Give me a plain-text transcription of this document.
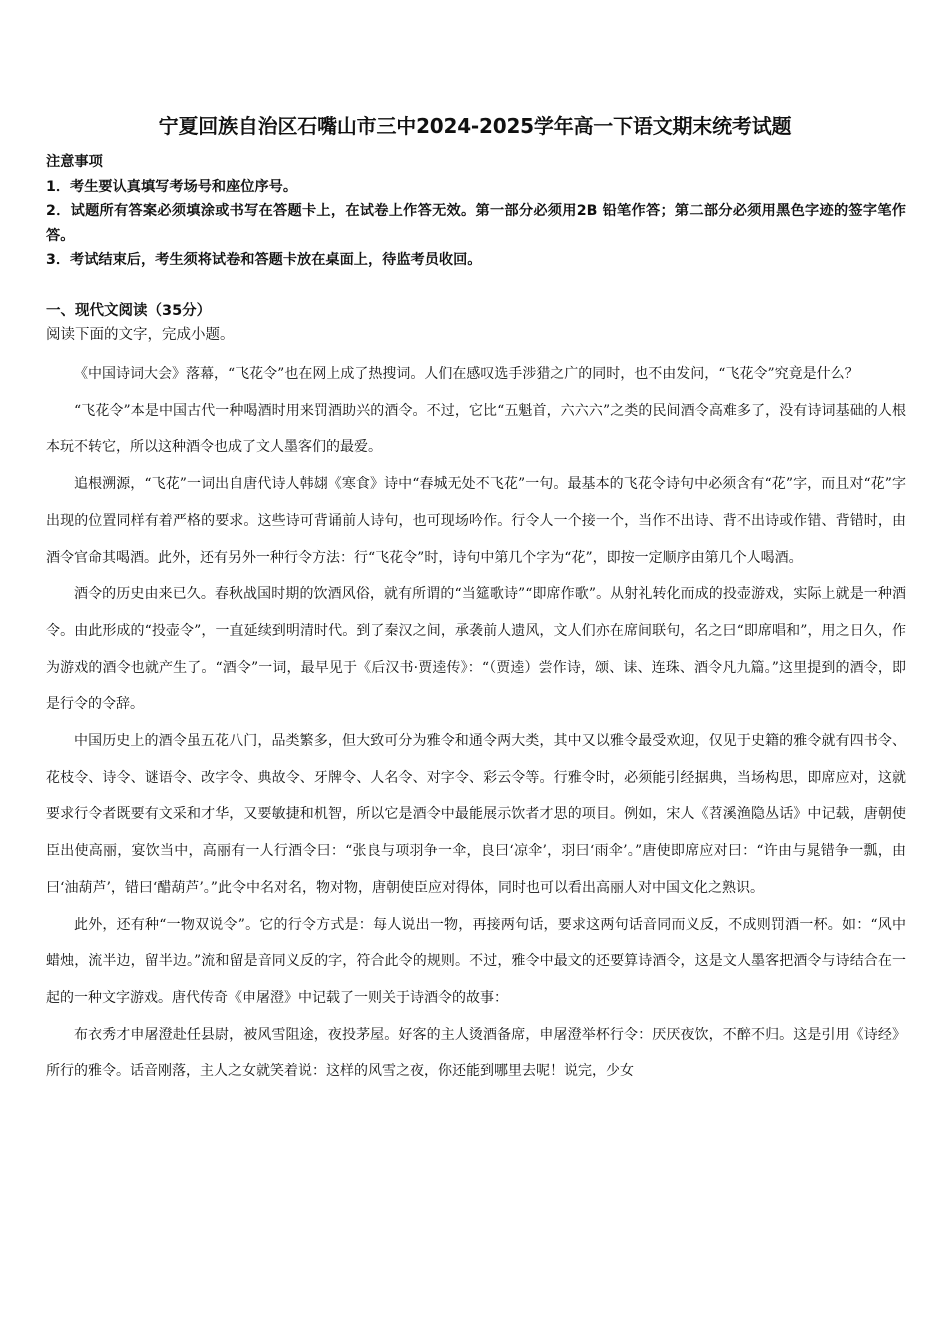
宁夏回族自治区石嘴山市三中2024-2025学年高一下语文期末统考试题

注意事项

1．考生要认真填写考场号和座位序号。

2．试题所有答案必须填涂或书写在答题卡上，在试卷上作答无效。第一部分必须用2B 铅笔作答；第二部分必须用黑色字迹的签字笔作答。

3．考试结束后，考生须将试卷和答题卡放在桌面上，待监考员收回。

一、现代文阅读（35分）

阅读下面的文字，完成小题。

《中国诗词大会》落幕，“飞花令”也在网上成了热搜词。人们在感叹选手涉猎之广的同时，也不由发问，“飞花令”究竟是什么？

“飞花令”本是中国古代一种喝酒时用来罚酒助兴的酒令。不过，它比“五魁首，六六六”之类的民间酒令高难多了，没有诗词基础的人根本玩不转它，所以这种酒令也成了文人墨客们的最爱。

追根溯源，“飞花”一词出自唐代诗人韩翃《寒食》诗中“春城无处不飞花”一句。最基本的飞花令诗句中必须含有“花”字，而且对“花”字出现的位置同样有着严格的要求。这些诗可背诵前人诗句，也可现场吟作。行令人一个接一个，当作不出诗、背不出诗或作错、背错时，由酒令官命其喝酒。此外，还有另外一种行令方法：行“飞花令”时，诗句中第几个字为“花”，即按一定顺序由第几个人喝酒。

酒令的历史由来已久。春秋战国时期的饮酒风俗，就有所谓的“当筵歌诗”“即席作歌”。从射礼转化而成的投壶游戏，实际上就是一种酒令。由此形成的“投壶令”，一直延续到明清时代。到了秦汉之间，承袭前人遗风，文人们亦在席间联句，名之曰“即席唱和”，用之日久，作为游戏的酒令也就产生了。“酒令”一词，最早见于《后汉书·贾逵传》：“（贾逵）尝作诗，颂、诔、连珠、酒令凡九篇。”这里提到的酒令，即是行令的令辞。

中国历史上的酒令虽五花八门，品类繁多，但大致可分为雅令和通令两大类，其中又以雅令最受欢迎，仅见于史籍的雅令就有四书令、花枝令、诗令、谜语令、改字令、典故令、牙牌令、人名令、对字令、彩云令等。行雅令时，必须能引经据典，当场构思，即席应对，这就要求行令者既要有文采和才华，又要敏捷和机智，所以它是酒令中最能展示饮者才思的项目。例如，宋人《苕溪渔隐丛话》中记载，唐朝使臣出使高丽，宴饮当中，高丽有一人行酒令曰：“张良与项羽争一伞，良曰‘凉伞’，羽曰‘雨伞’。”唐使即席应对曰：“许由与晁错争一瓢，由曰‘油葫芦’，错曰‘醋葫芦’。”此令中名对名，物对物，唐朝使臣应对得体，同时也可以看出高丽人对中国文化之熟识。

此外，还有种“一物双说令”。它的行令方式是：每人说出一物，再接两句话，要求这两句话音同而义反，不成则罚酒一杯。如：“风中蜡烛，流半边，留半边。”流和留是音同义反的字，符合此令的规则。不过，雅令中最文的还要算诗酒令，这是文人墨客把酒令与诗结合在一起的一种文字游戏。唐代传奇《申屠澄》中记载了一则关于诗酒令的故事：

布衣秀才申屠澄赴任县尉，被风雪阻途，夜投茅屋。好客的主人烫酒备席，申屠澄举杯行令：厌厌夜饮，不醉不归。这是引用《诗经》所行的雅令。话音刚落，主人之女就笑着说：这样的风雪之夜，你还能到哪里去呢！说完，少女
